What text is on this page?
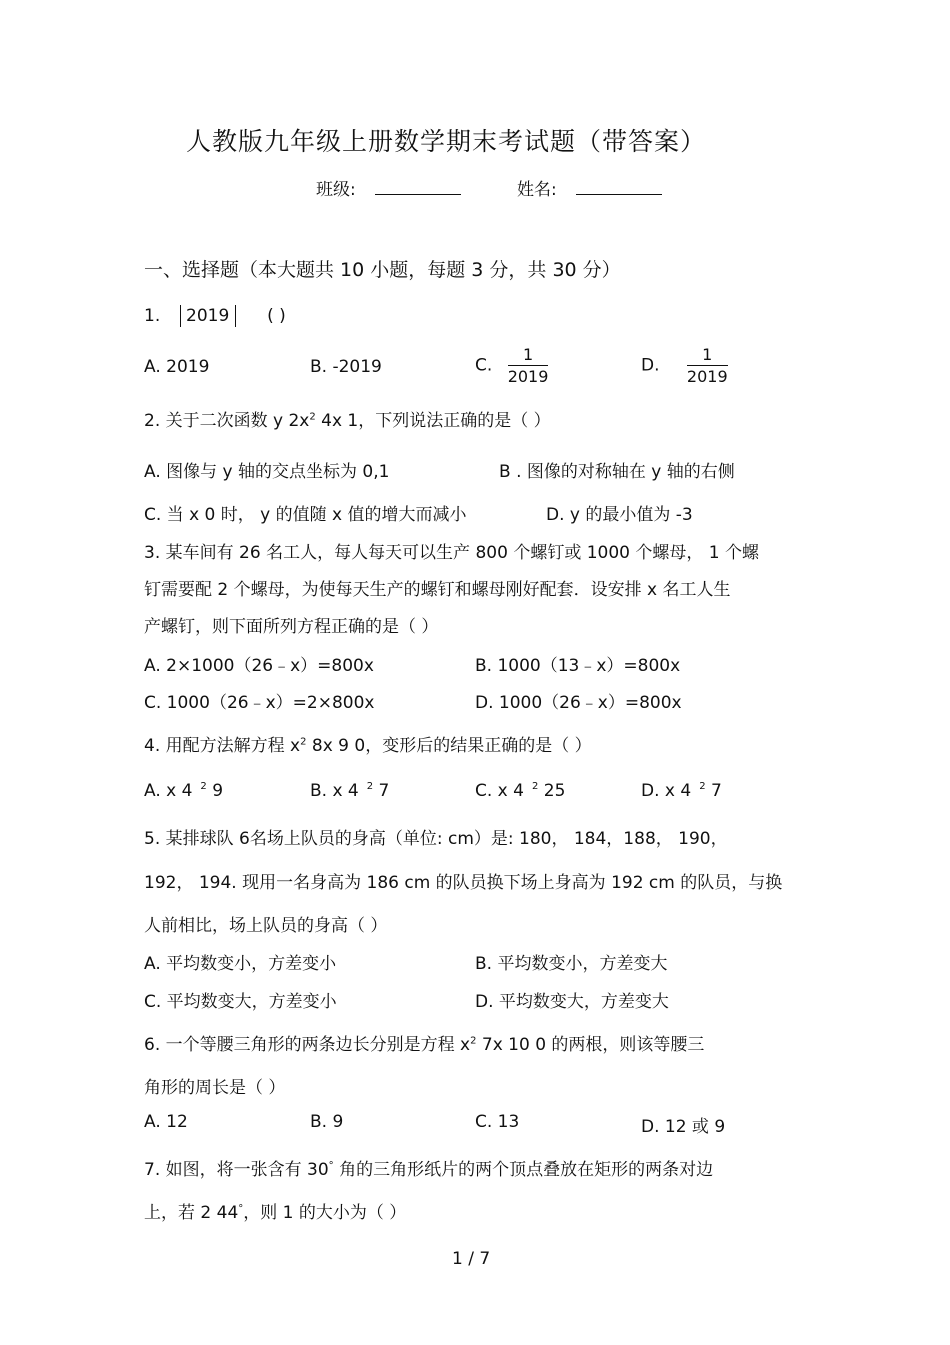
人教版九年级上册数学期末考试题（带答案）
班级:	姓名:
一、选择题（本大题共 10 小题，每题 3 分，共 30 分）
1. 2019 ( )
A. 2019	B. -2019	C. $\frac{1}{2019}$	D. $\frac{1}{2019}$
2. 关于二次函数 y $2x^2$ 4x 1，下列说法正确的是（ ）
A. 图像与 y 轴的交点坐标为 0,1	B . 图像的对称轴在 y 轴的右侧
C. 当 x 0 时， y 的值随 x 值的增大而减小	D. y 的最小值为 -3
3. 某车间有 26 名工人，每人每天可以生产 800 个螺钉或 1000 个螺母， 1 个螺
钉需要配 2 个螺母，为使每天生产的螺钉和螺母刚好配套．设安排 x 名工人生
产螺钉，则下面所列方程正确的是（ ）
A. 2×1000（26﹣x）=800x	B. 1000（13﹣x）=800x
C. 1000（26﹣x）=2×800x	D. 1000（26﹣x）=800x
4. 用配方法解方程 $x^2$ 8x 9 0，变形后的结果正确的是（ ）
A. x 4 $^2$ 9	B. x 4 $^2$ 7	C. x 4 $^2$ 25	D. x 4 $^2$ 7
5. 某排球队 6名场上队员的身高（单位: cm）是: 180， 184，188， 190，
192， 194. 现用一名身高为 186 cm 的队员换下场上身高为 192 cm 的队员，与换
人前相比，场上队员的身高（ ）
A. 平均数变小，方差变小	B. 平均数变小，方差变大
C. 平均数变大，方差变小	D. 平均数变大，方差变大
6. 一个等腰三角形的两条边长分别是方程 $x^2$ 7x 10 0 的两根，则该等腰三
角形的周长是（ ）
A. 12	B. 9	C. 13	D. 12 或 9
7. 如图，将一张含有 30° 角的三角形纸片的两个顶点叠放在矩形的两条对边
上，若 2 44°，则 1 的大小为（ ）
1 / 7
